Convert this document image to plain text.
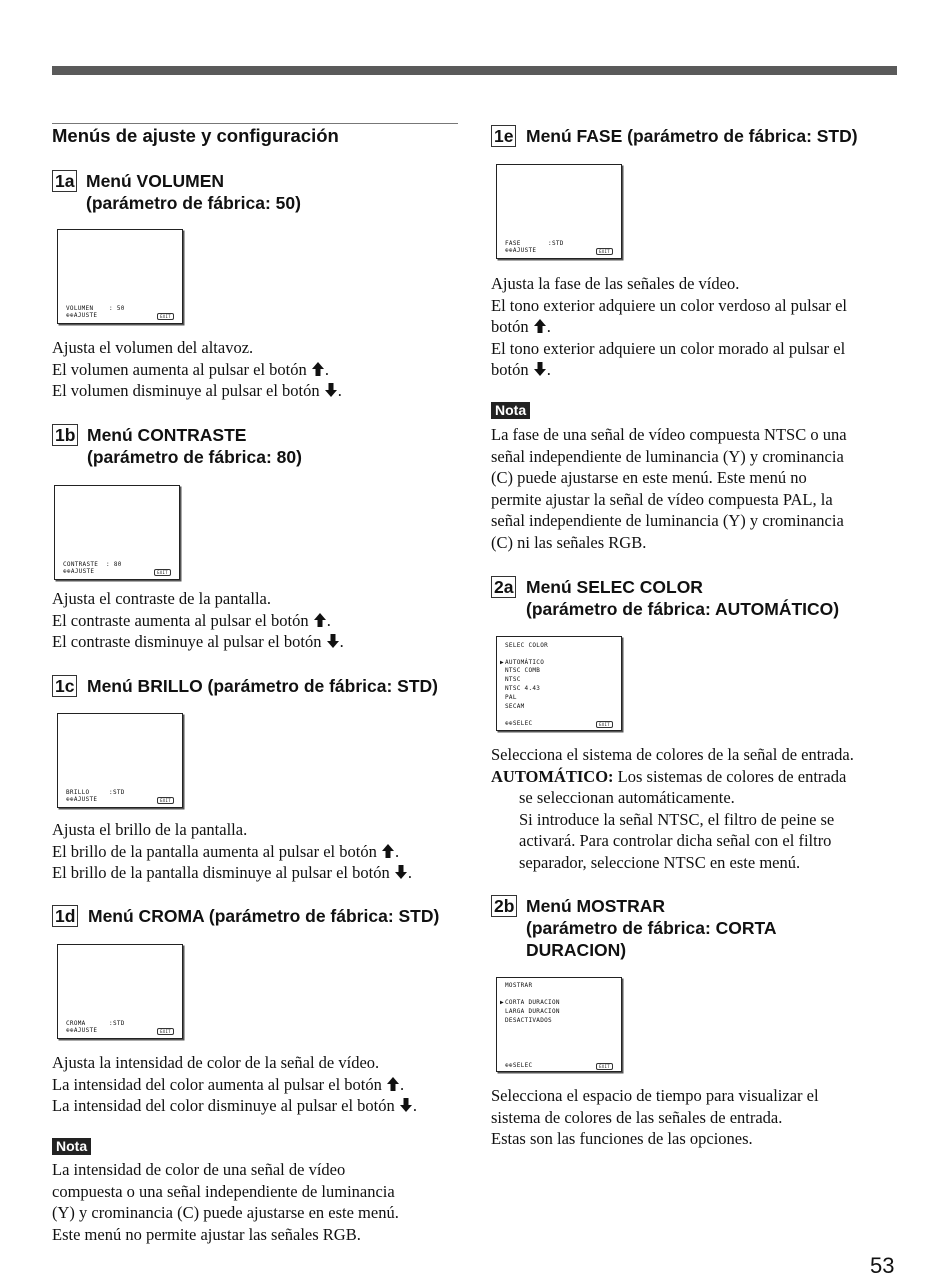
Menús de ajuste y configuración
1a Menú VOLUMEN
(parámetro de fábrica: 50)
VOLUMEN    : 50
⊕⊕AJUSTE	EXIT

Ajusta el volumen del altavoz.

El volumen aumenta al pulsar el botón .

El volumen disminuye al pulsar el botón .

1b Menú CONTRASTE
(parámetro de fábrica: 80)
CONTRASTE  : 80
⊕⊕AJUSTE	EXIT

Ajusta el contraste de la pantalla.

El contraste aumenta al pulsar el botón .

El contraste disminuye al pulsar el botón .

1c Menú BRILLO (parámetro de fábrica: STD)
BRILLO     :STD
⊕⊕AJUSTE	EXIT

Ajusta el brillo de la pantalla.

El brillo de la pantalla aumenta al pulsar el botón .

El brillo de la pantalla disminuye al pulsar el botón .

1d Menú CROMA (parámetro de fábrica: STD)
CROMA      :STD
⊕⊕AJUSTE	EXIT

Ajusta la intensidad de color de la señal de vídeo.

La intensidad del color aumenta al pulsar el botón .

La intensidad del color disminuye al pulsar el botón .

Nota

La intensidad de color de una señal de vídeo

compuesta o una señal independiente de luminancia

(Y) y crominancia (C) puede ajustarse en este menú.

Este menú no permite ajustar las señales RGB.

1e Menú FASE (parámetro de fábrica: STD)
FASE       :STD
⊕⊕AJUSTE	EXIT

Ajusta la fase de las señales de vídeo.

El tono exterior adquiere un color verdoso al pulsar el

botón .

El tono exterior adquiere un color morado al pulsar el

botón .

Nota

La fase de una señal de vídeo compuesta NTSC o una

señal independiente de luminancia (Y) y crominancia

(C) puede ajustarse en este menú. Este menú no

permite ajustar la señal de vídeo compuesta PAL, la

señal independiente de luminancia (Y) y crominancia

(C) ni las señales RGB.

2a Menú SELEC COLOR
(parámetro de fábrica: AUTOMÁTICO)
SELEC COLOR
▶ AUTOMÁTICO
NTSC COMB
NTSC
NTSC 4.43
PAL
SECAM
⊕⊕SELEC	EXIT

Selecciona el sistema de colores de la señal de entrada.

AUTOMÁTICO: Los sistemas de colores de entrada

se seleccionan automáticamente.

Si introduce la señal NTSC, el filtro de peine se

activará. Para controlar dicha señal con el filtro

separador, seleccione NTSC en este menú.

2b Menú MOSTRAR
(parámetro de fábrica: CORTA
DURACION)
MOSTRAR
▶ CORTA DURACION
LARGA DURACION
DESACTIVADOS
⊕⊕SELEC	EXIT

Selecciona el espacio de tiempo para visualizar el

sistema de colores de las señales de entrada.

Estas son las funciones de las opciones.

53
